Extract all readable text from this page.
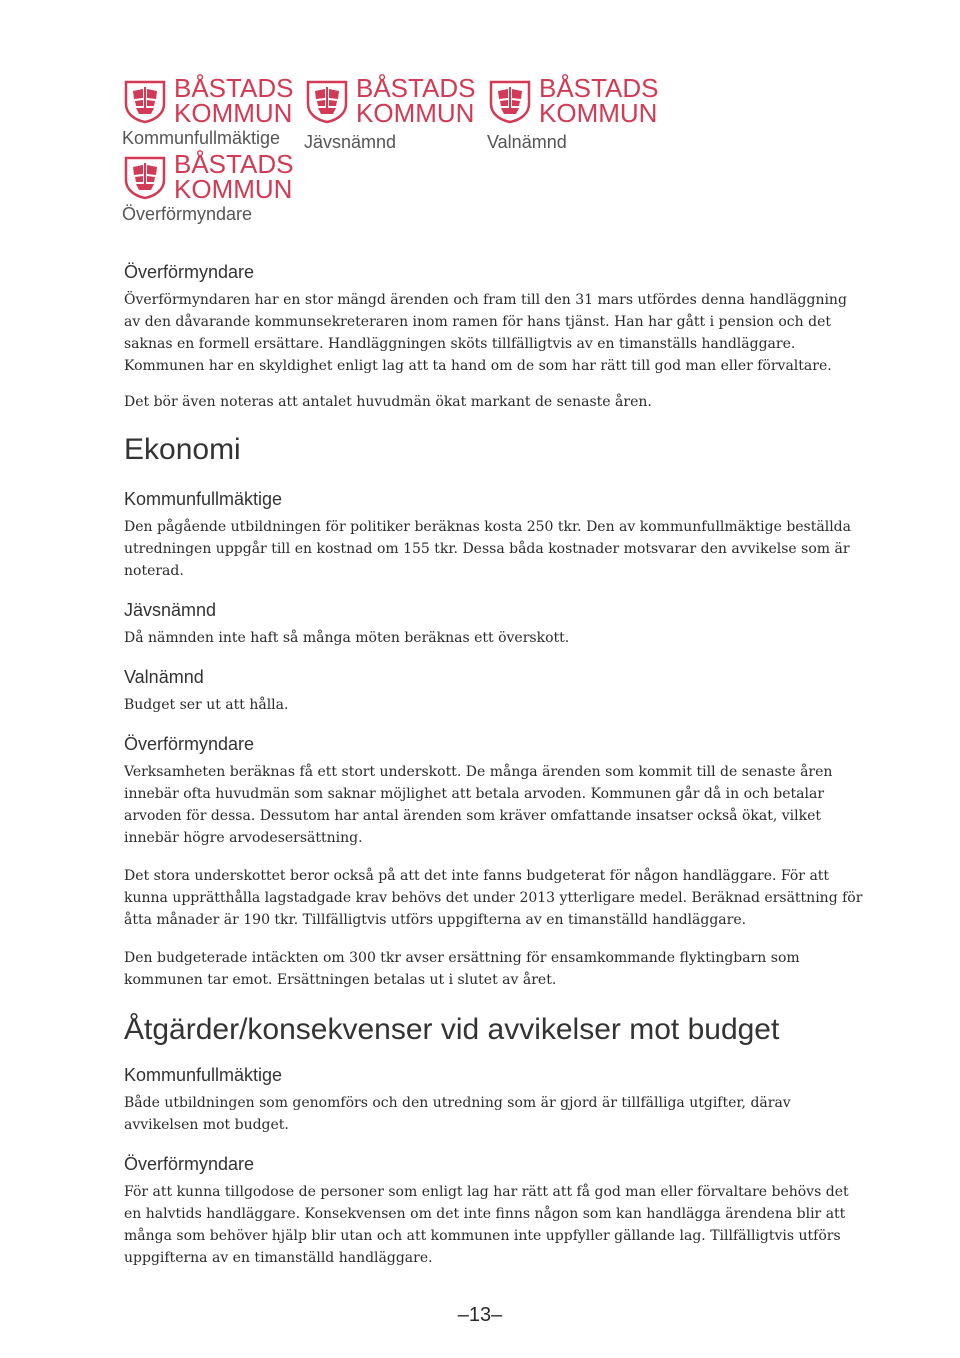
BÅSTADS
KOMMUN
Kommunfullmäktige
BÅSTADS
KOMMUN
Jävsnämnd
BÅSTADS
KOMMUN
Valnämnd
BÅSTADS
KOMMUN
Överförmyndare
Överförmyndare

Överförmyndaren har en stor mängd ärenden och fram till den 31 mars utfördes denna handläggning av den dåvarande kommunsekreteraren inom ramen för hans tjänst. Han har gått i pension och det saknas en formell ersättare. Handläggningen sköts tillfälligtvis av en timanställs handläggare. Kommunen har en skyldighet enligt lag att ta hand om de som har rätt till god man eller förvaltare.

Det bör även noteras att antalet huvudmän ökat markant de senaste åren.

Ekonomi
Kommunfullmäktige

Den pågående utbildningen för politiker beräknas kosta 250 tkr. Den av kommunfullmäktige beställda utredningen uppgår till en kostnad om 155 tkr. Dessa båda kostnader motsvarar den avvikelse som är noterad.

Jävsnämnd

Då nämnden inte haft så många möten beräknas ett överskott.

Valnämnd

Budget ser ut att hålla.

Överförmyndare

Verksamheten beräknas få ett stort underskott. De många ärenden som kommit till de senaste åren innebär ofta huvudmän som saknar möjlighet att betala arvoden. Kommunen går då in och betalar arvoden för dessa. Dessutom har antal ärenden som kräver omfattande insatser också ökat, vilket innebär högre arvodesersättning.

Det stora underskottet beror också på att det inte fanns budgeterat för någon handläggare. För att kunna upprätthålla lagstadgade krav behövs det under 2013 ytterligare medel. Beräknad ersättning för åtta månader är 190 tkr. Tillfälligtvis utförs uppgifterna av en timanställd handläggare.

Den budgeterade intäckten om 300 tkr avser ersättning för ensamkommande flyktingbarn som kommunen tar emot. Ersättningen betalas ut i slutet av året.

Åtgärder/konsekvenser vid avvikelser mot budget
Kommunfullmäktige

Både utbildningen som genomförs och den utredning som är gjord är tillfälliga utgifter, därav avvikelsen mot budget.

Överförmyndare

För att kunna tillgodose de personer som enligt lag har rätt att få god man eller förvaltare behövs det en halvtids handläggare. Konsekvensen om det inte finns någon som kan handlägga ärendena blir att många som behöver hjälp blir utan och att kommunen inte uppfyller gällande lag. Tillfälligtvis utförs uppgifterna av en timanställd handläggare.

–13–
